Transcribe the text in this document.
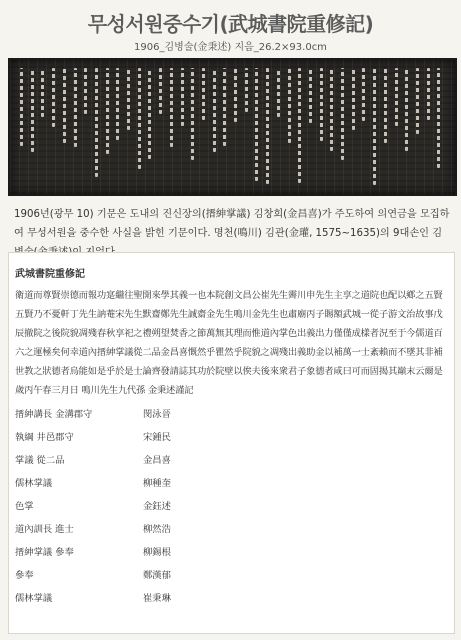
무성서원중수기(武城書院重修記)
1906_김병술(金秉述) 지음_26.2×93.0cm
1906년(광무 10) 기문은 도내의 진신장의(搢紳掌議) 김창희(金昌喜)가 주도하여 의연금을 모집하여 무성서원을 중수한 사실을 밝힌 기문이다. 명천(鳴川) 김관(金瓘, 1575~1635)의 9대손인 김
武城書院重修記
衛道而尊賢崇德而報功寔繼往聖開來學其義一也本院創文昌公崔先生霽川申先生主享之道院也配以鄕之五賢五賢乃不憂軒丁先生訥菴宋先生默齋鄭先生誠齋金先生鳴川金先生也肅廟丙子賜額武城一從子游文治故事戊辰撤院之後院貌凋殘春秋享祀之禮朔望焚香之節萬無其理而惟道內掌色出義出力僅僅成樣者況至于今儒道百六之運極矣何幸道內搢紳掌議從二品金昌喜慨然乎瞿然乎院貌之凋殘出義助金以補萬一士紊賴而不墜其非補世教之狀德者烏能如是乎於是士論齊發請誌其功於院壁以俟夫後來衆君子象德者咸曰可而固揭其巔末云爾是歲丙午春三月日 鳴川先生九代孫 金秉述謹記
搢紳講長 金溝郡守	閔泳晉
執綱 井邑郡守	宋鍾民
掌議 從二品	金昌喜
儒林掌議	柳種奎
色掌	金鈺述
道內訓長 進士	柳然浩
搢紳掌議 參奉	柳錫根
參奉	鄭漢郁
儒林掌議	崔秉琳
